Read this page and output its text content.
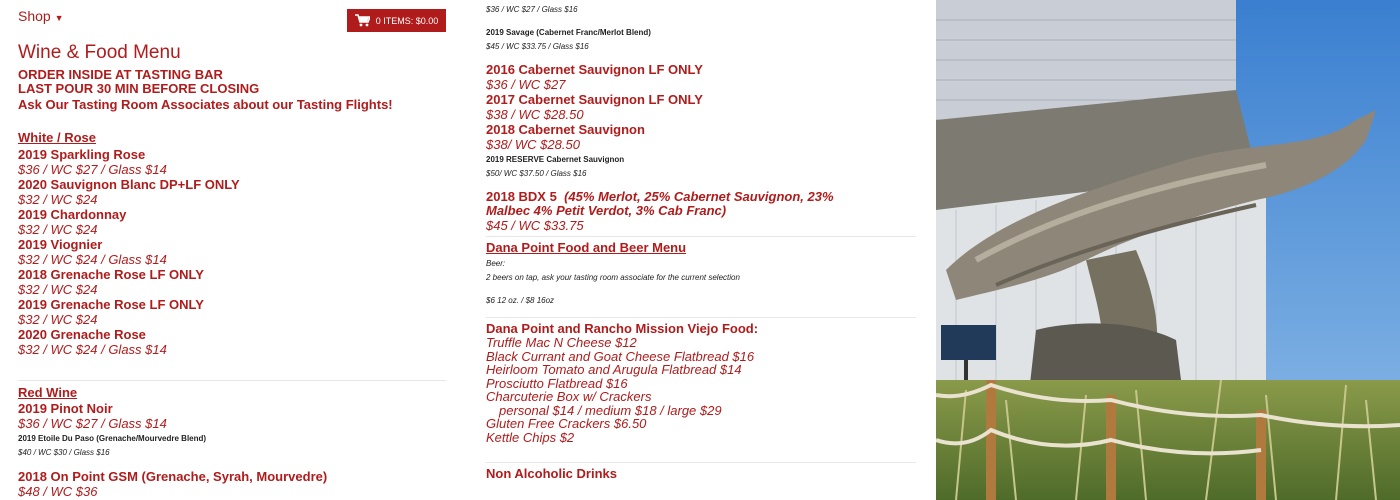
Shop ▼	0 ITEMS: $0.00
Wine & Food Menu
ORDER INSIDE AT TASTING BAR
LAST POUR 30 MIN BEFORE CLOSING
Ask Our Tasting Room Associates about our Tasting Flights!
White / Rose
2019 Sparkling Rose
$36 / WC $27 / Glass $14
2020 Sauvignon Blanc DP+LF ONLY
$32 / WC $24
2019 Chardonnay
$32 / WC $24
2019 Viognier
$32 / WC $24 / Glass $14
2018 Grenache Rose LF ONLY
$32 / WC $24
2019 Grenache Rose LF ONLY
$32 / WC $24
2020 Grenache Rose
$32 / WC $24 / Glass $14
Red Wine
2019 Pinot Noir
$36 / WC $27 / Glass $14
2019 Etoile Du Paso (Grenache/Mourvedre Blend)
$40 / WC $30 / Glass $16
2018 On Point GSM (Grenache, Syrah, Mourvedre)
$48 / WC $36
$36 / WC $27 / Glass $16
2019 Savage (Cabernet Franc/Merlot Blend)
$45 / WC $33.75 / Glass $16
2016 Cabernet Sauvignon LF ONLY
$36 / WC $27
2017 Cabernet Sauvignon LF ONLY
$38 / WC $28.50
2018 Cabernet Sauvignon
$38/ WC $28.50
2019 RESERVE Cabernet Sauvignon
$50/ WC $37.50 / Glass $16
2018 BDX 5 (45% Merlot, 25% Cabernet Sauvignon, 23% Malbec 4% Petit Verdot, 3% Cab Franc)
$45 / WC $33.75
Dana Point Food and Beer Menu
Beer:
2 beers on tap, ask your tasting room associate for the current selection
$6 12 oz. / $8 16oz
Dana Point and Rancho Mission Viejo Food:
Truffle Mac N Cheese $12
Black Currant and Goat Cheese Flatbread $16
Heirloom Tomato and Arugula Flatbread $14
Prosciutto Flatbread $16
Charcuterie Box w/ Crackers
personal $14 / medium $18 / large $29
Gluten Free Crackers $6.50
Kettle Chips $2
Non Alcoholic Drinks
